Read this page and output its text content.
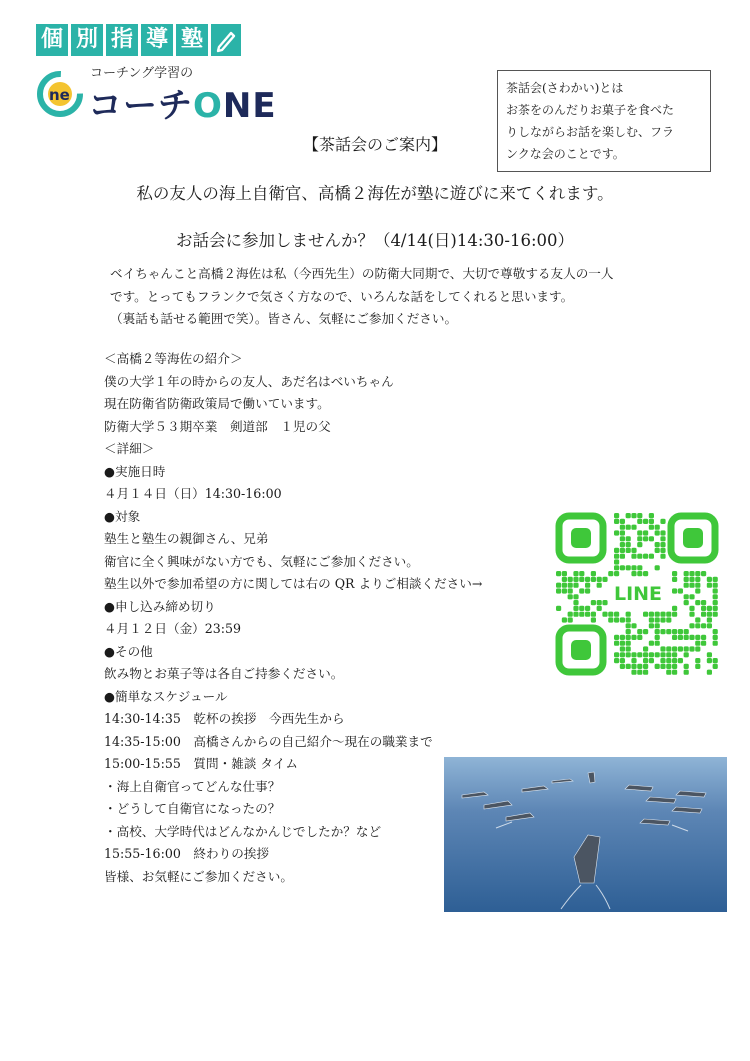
個 別 指 導 塾
ne
コーチング学習の
コーチONE	茶話会(さわかい)とは
お茶をのんだりお菓子を食べた
りしながらお話を楽しむ、フラ
ンクな会のことです。
【茶話会のご案内】
私の友人の海上自衛官、高橋２海佐が塾に遊びに来てくれます。
お話会に参加しませんか？（4/14(日)14:30-16:00）
ベイちゃんこと高橋２海佐は私（今西先生）の防衛大同期で、大切で尊敬する友人の一人
です。とってもフランクで気さく方なので、いろんな話をしてくれると思います。
（裏話も話せる範囲で笑）。皆さん、気軽にご参加ください。
＜高橋２等海佐の紹介＞
僕の大学１年の時からの友人、あだ名はべいちゃん
現在防衛省防衛政策局で働いています。
防衛大学５３期卒業　剣道部　１児の父
＜詳細＞
●実施日時
４月１４日（日）14:30-16:00
●対象
塾生と塾生の親御さん、兄弟
衛官に全く興味がない方でも、気軽にご参加ください。
塾生以外で参加希望の方に関しては右の QR よりご相談ください→
●申し込み締め切り
４月１２日（金）23:59
●その他
飲み物とお菓子等は各自ご持参ください。
●簡単なスケジュール
14:30-14:35　乾杯の挨拶　今西先生から
14:35-15:00　高橋さんからの自己紹介〜現在の職業まで
15:00-15:55　質問・雑談 タイム
・海上自衛官ってどんな仕事？
・どうして自衛官になったの？
・高校、大学時代はどんなかんじでしたか？など
15:55-16:00　終わりの挨拶
皆様、お気軽にご参加ください。
LINE
